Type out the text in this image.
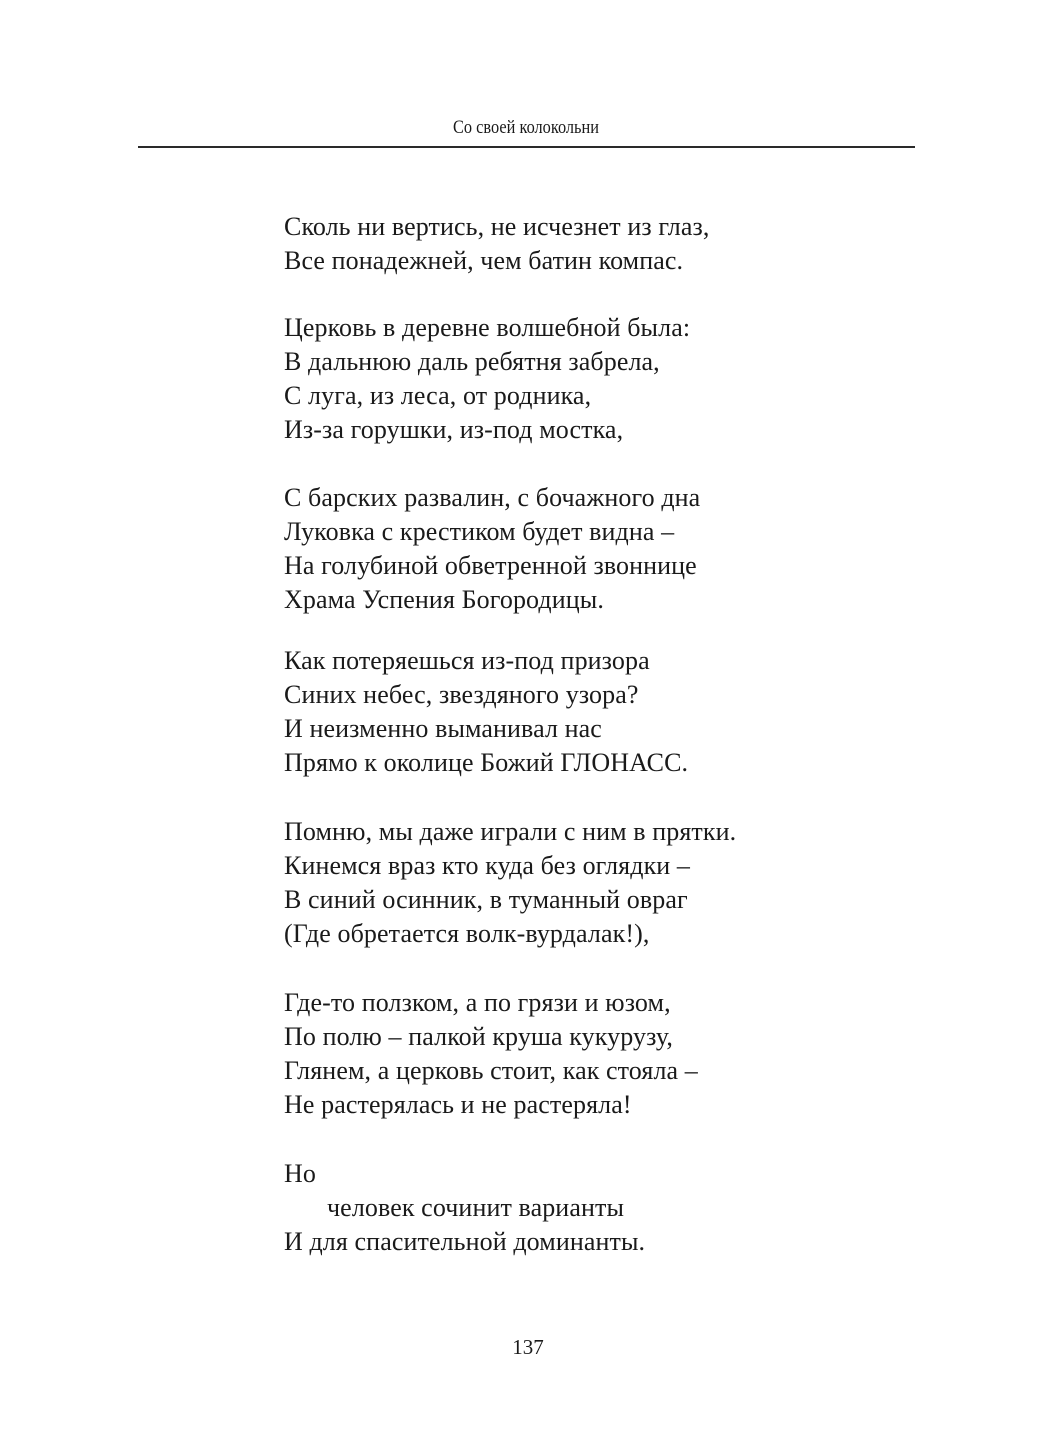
Со своей колокольни
Сколь ни вертись, не исчезнет из глаз,
Все понадежней, чем батин компас.
Церковь в деревне волшебной была:
В дальнюю даль ребятня забрела,
С луга, из леса, от родника,
Из-за горушки, из-под мостка,
С барских развалин, с бочажного дна
Луковка с крестиком будет видна –
На голубиной обветренной звоннице
Храма Успения Богородицы.
Как потеряешься из-под призора
Синих небес, звездяного узора?
И неизменно выманивал нас
Прямо к околице Божий ГЛОНАСС.
Помню, мы даже играли с ним в прятки.
Кинемся враз кто куда без оглядки –
В синий осинник, в туманный овраг
(Где обретается волк-вурдалак!),
Где-то ползком, а по грязи и юзом,
По полю – палкой круша кукурузу,
Глянем, а церковь стоит, как стояла –
Не растерялась и не растеряла!
Но
человек сочинит варианты
И для спасительной доминанты.
137
